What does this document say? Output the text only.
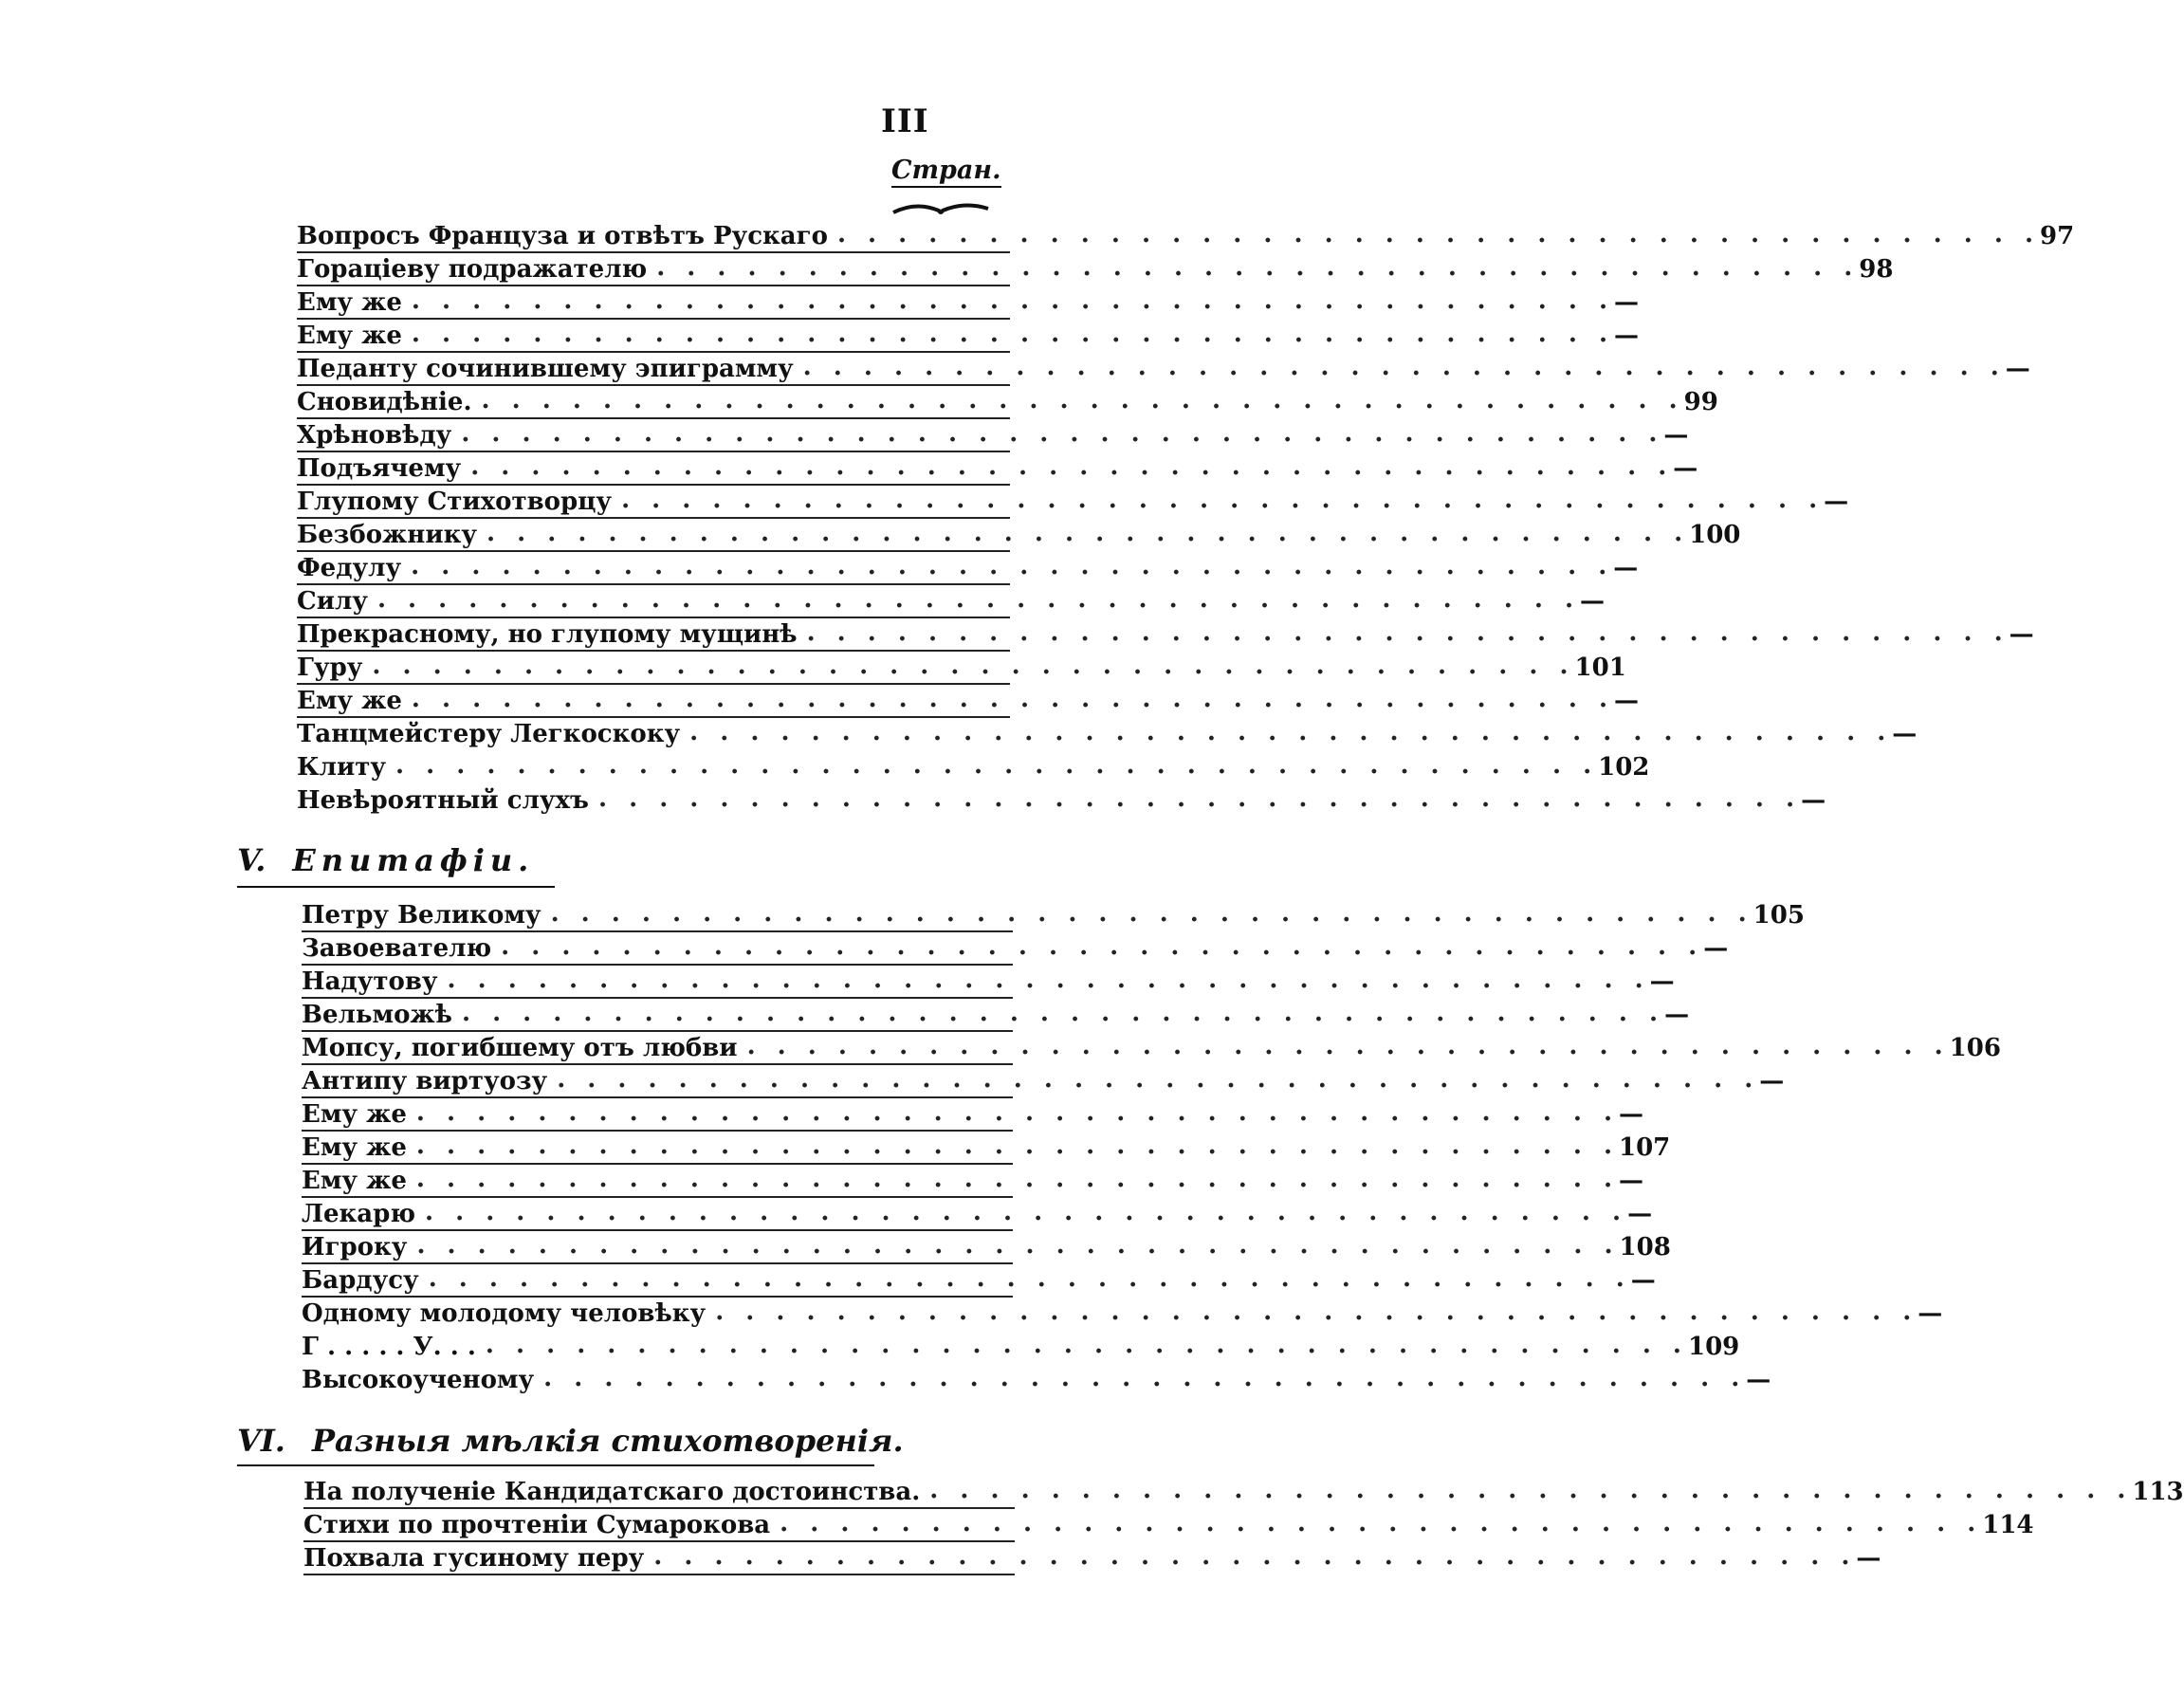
III
Стран.
Вопросъ Француза и отвѣтъ Рускаго . . . . . . . . . . . . . . . . . . . . . . . . . . . . . . . . . . . . . . . . 97
Горацiеву подражателю . . . . . . . . . . . . . . . . . . . . . . . . . . . . . . . . . . . . . . . . 98
Ему же . . . . . . . . . . . . . . . . . . . . . . . . . . . . . . . . . . . . . . . . —
Ему же . . . . . . . . . . . . . . . . . . . . . . . . . . . . . . . . . . . . . . . . —
Педанту сочинившему эпиграмму . . . . . . . . . . . . . . . . . . . . . . . . . . . . . . . . . . . . . . . . —
Сновидѣнiе. . . . . . . . . . . . . . . . . . . . . . . . . . . . . . . . . . . . . . . . . 99
Хрѣновѣду . . . . . . . . . . . . . . . . . . . . . . . . . . . . . . . . . . . . . . . . —
Подъячему . . . . . . . . . . . . . . . . . . . . . . . . . . . . . . . . . . . . . . . . —
Глупому Стихотворцу . . . . . . . . . . . . . . . . . . . . . . . . . . . . . . . . . . . . . . . . —
Безбожнику . . . . . . . . . . . . . . . . . . . . . . . . . . . . . . . . . . . . . . . . 100
Федулу . . . . . . . . . . . . . . . . . . . . . . . . . . . . . . . . . . . . . . . . —
Силу . . . . . . . . . . . . . . . . . . . . . . . . . . . . . . . . . . . . . . . . —
Прекрасному, но глупому мущинѣ . . . . . . . . . . . . . . . . . . . . . . . . . . . . . . . . . . . . . . . . —
Гуру . . . . . . . . . . . . . . . . . . . . . . . . . . . . . . . . . . . . . . . . 101
Ему же . . . . . . . . . . . . . . . . . . . . . . . . . . . . . . . . . . . . . . . . —
Танцмейстеру Легкоскоку . . . . . . . . . . . . . . . . . . . . . . . . . . . . . . . . . . . . . . . . —
Клиту . . . . . . . . . . . . . . . . . . . . . . . . . . . . . . . . . . . . . . . . 102
Невѣроятный слухъ . . . . . . . . . . . . . . . . . . . . . . . . . . . . . . . . . . . . . . . . —
V. Епитафiи.
Петру Великому . . . . . . . . . . . . . . . . . . . . . . . . . . . . . . . . . . . . . . . . 105
Завоевателю . . . . . . . . . . . . . . . . . . . . . . . . . . . . . . . . . . . . . . . . —
Надутову . . . . . . . . . . . . . . . . . . . . . . . . . . . . . . . . . . . . . . . . —
Вельможѣ . . . . . . . . . . . . . . . . . . . . . . . . . . . . . . . . . . . . . . . . —
Мопсу, погибшему отъ любви . . . . . . . . . . . . . . . . . . . . . . . . . . . . . . . . . . . . . . . . 106
Антипу виртуозу . . . . . . . . . . . . . . . . . . . . . . . . . . . . . . . . . . . . . . . . —
Ему же . . . . . . . . . . . . . . . . . . . . . . . . . . . . . . . . . . . . . . . . —
Ему же . . . . . . . . . . . . . . . . . . . . . . . . . . . . . . . . . . . . . . . . 107
Ему же . . . . . . . . . . . . . . . . . . . . . . . . . . . . . . . . . . . . . . . . —
Лекарю . . . . . . . . . . . . . . . . . . . . . . . . . . . . . . . . . . . . . . . . —
Игроку . . . . . . . . . . . . . . . . . . . . . . . . . . . . . . . . . . . . . . . . 108
Бардусу . . . . . . . . . . . . . . . . . . . . . . . . . . . . . . . . . . . . . . . . —
Одному молодому человѣку . . . . . . . . . . . . . . . . . . . . . . . . . . . . . . . . . . . . . . . . —
Г . . . . . У. . . . . . . . . . . . . . . . . . . . . . . . . . . . . . . . . . . . . . . . . . . 109
Высокоученому . . . . . . . . . . . . . . . . . . . . . . . . . . . . . . . . . . . . . . . . —
VI. Разныя мѣлкiя стихотворенiя.
На полученiе Кандидатскаго достоинства. . . . . . . . . . . . . . . . . . . . . . . . . . . . . . . . . . . . . . . . . 113
Стихи по прочтенiи Сумарокова . . . . . . . . . . . . . . . . . . . . . . . . . . . . . . . . . . . . . . . . 114
Похвала гусиному перу . . . . . . . . . . . . . . . . . . . . . . . . . . . . . . . . . . . . . . . . —
